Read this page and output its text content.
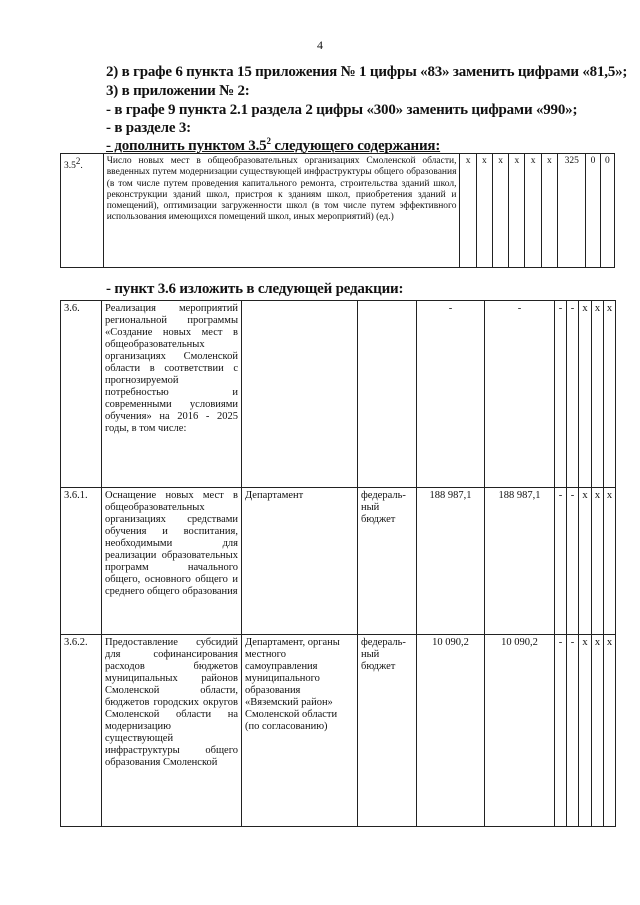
4
2) в графе 6 пункта 15 приложения № 1 цифры «83» заменить цифрами «81,5»;
3) в приложении № 2:
- в графе 9 пункта 2.1 раздела 2 цифры «300» заменить цифрами «990»;
- в разделе 3:
- дополнить пунктом $3.5^2$ следующего содержания:
$3.5^2$.	Число новых мест в общеобразовательных организациях Смоленской области, введенных путем модернизации существующей инфраструктуры общего образования (в том числе путем проведения капитального ремонта, строительства зданий школ, реконструкции зданий школ, пристроя к зданиям школ, приобретения зданий и помещений), оптимизации загруженности школ (в том числе путем эффективного использования имеющихся помещений школ, иных мероприятий) (ед.)	х	х	х	х	х	х	325	0	0
- пункт 3.6 изложить в следующей редакции:
3.6.	Реализация мероприятий региональной программы «Создание новых мест в общеобразовательных организациях Смоленской области в соответствии с прогнозируемой потребностью и современными условиями обучения» на 2016 - 2025 годы, в том числе:			-	-	-	-	х	х	х
3.6.1.	Оснащение новых мест в общеобразовательных организациях средствами обучения и воспитания, необходимыми для реализации образовательных программ начального общего, основного общего и среднего общего образования	Департамент	федераль-ный бюджет	188 987,1	188 987,1	-	-	х	х	х
3.6.2.	Предоставление субсидий для софинансирования расходов бюджетов муниципальных районов Смоленской области, бюджетов городских округов Смоленской области на модернизацию существующей инфраструктуры общего образования Смоленской	Департамент, органы местного самоуправления муниципального образования «Вяземский район» Смоленской области (по согласованию)	федераль-ный бюджет	10 090,2	10 090,2	-	-	х	х	х
